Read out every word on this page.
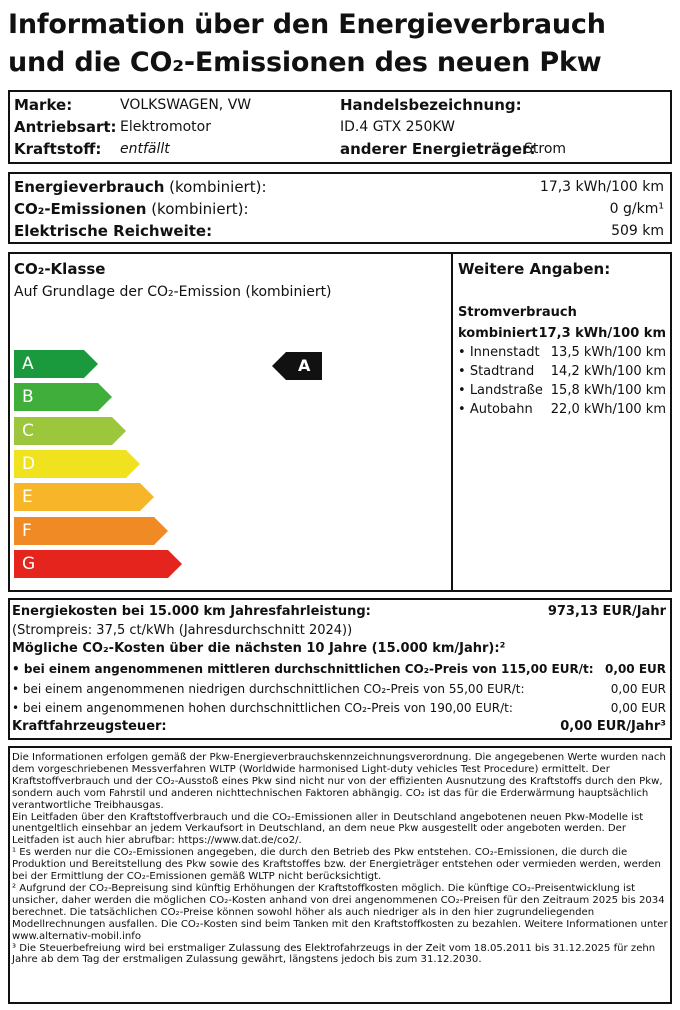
Information über den Energieverbrauch
und die CO₂-Emissionen des neuen Pkw
Marke:	VOLKSWAGEN, VW
Antriebsart: Elektromotor
Kraftstoff: entfällt
Handelsbezeichnung:
ID.4 GTX 250KW
anderer Energieträger:
Strom
Energieverbrauch (kombiniert):	17,3 kWh/100 km
CO₂-Emissionen (kombiniert):	0 g/km¹
Elektrische Reichweite:	509 km
CO₂-Klasse
Auf Grundlage der CO₂-Emission (kombiniert)
A
B
C
D
E
F
G
A
Weitere Angaben:
Stromverbrauch
kombiniert 17,3 kWh/100 km
• Innenstadt 13,5 kWh/100 km
• Stadtrand 14,2 kWh/100 km
• Landstraße 15,8 kWh/100 km
• Autobahn 22,0 kWh/100 km
Energiekosten bei 15.000 km Jahresfahrleistung:	973,13 EUR/Jahr
(Strompreis: 37,5 ct/kWh (Jahresdurchschnitt 2024))
Mögliche CO₂-Kosten über die nächsten 10 Jahre (15.000 km/Jahr):²
• bei einem angenommenen mittleren durchschnittlichen CO₂-Preis von 115,00 EUR/t: 0,00 EUR
• bei einem angenommenen niedrigen durchschnittlichen CO₂-Preis von 55,00 EUR/t:	0,00 EUR
• bei einem angenommenen hohen durchschnittlichen CO₂-Preis von 190,00 EUR/t:	0,00 EUR
Kraftfahrzeugsteuer:	0,00 EUR/Jahr³

Die Informationen erfolgen gemäß der Pkw-Energieverbrauchskennzeichnungsverordnung. Die angegebenen Werte wurden nach dem vorgeschriebenen Messverfahren WLTP (Worldwide harmonised Light-duty vehicles Test Procedure) ermittelt. Der Kraftstoffverbrauch und der CO₂-Ausstoß eines Pkw sind nicht nur von der effizienten Ausnutzung des Kraftstoffs durch den Pkw, sondern auch vom Fahrstil und anderen nichttechnischen Faktoren abhängig. CO₂ ist das für die Erderwärmung hauptsächlich verantwortliche Treibhausgas.

Ein Leitfaden über den Kraftstoffverbrauch und die CO₂-Emissionen aller in Deutschland angebotenen neuen Pkw-Modelle ist unentgeltlich einsehbar an jedem Verkaufsort in Deutschland, an dem neue Pkw ausgestellt oder angeboten werden. Der Leitfaden ist auch hier abrufbar: https://www.dat.de/co2/.

¹ Es werden nur die CO₂-Emissionen angegeben, die durch den Betrieb des Pkw entstehen. CO₂-Emissionen, die durch die Produktion und Bereitstellung des Pkw sowie des Kraftstoffes bzw. der Energieträger entstehen oder vermieden werden, werden bei der Ermittlung der CO₂-Emissionen gemäß WLTP nicht berücksichtigt.

² Aufgrund der CO₂-Bepreisung sind künftig Erhöhungen der Kraftstoffkosten möglich. Die künftige CO₂-Preisentwicklung ist unsicher, daher werden die möglichen CO₂-Kosten anhand von drei angenommenen CO₂-Preisen für den Zeitraum 2025 bis 2034 berechnet. Die tatsächlichen CO₂-Preise können sowohl höher als auch niedriger als in den hier zugrundeliegenden Modellrechnungen ausfallen. Die CO₂-Kosten sind beim Tanken mit den Kraftstoffkosten zu bezahlen. Weitere Informationen unter www.alternativ-mobil.info

³ Die Steuerbefreiung wird bei erstmaliger Zulassung des Elektrofahrzeugs in der Zeit vom 18.05.2011 bis 31.12.2025 für zehn Jahre ab dem Tag der erstmaligen Zulassung gewährt, längstens jedoch bis zum 31.12.2030.
